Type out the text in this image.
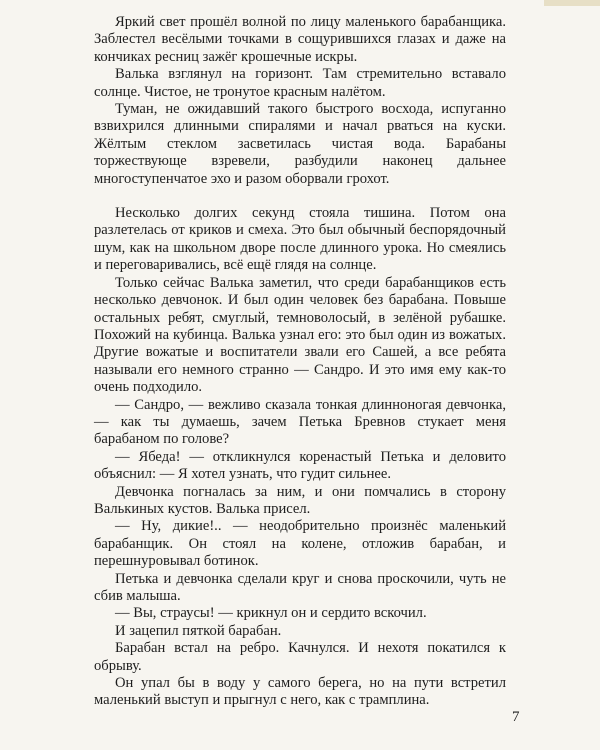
Яркий свет прошёл волной по лицу маленького барабанщика. Заблестел весёлыми точками в сощурившихся глазах и даже на кончиках ресниц зажёг крошечные искры.

Валька взглянул на горизонт. Там стремительно вставало солнце. Чистое, не тронутое красным налётом.

Туман, не ожидавший такого быстрого восхода, испуганно взвихрился длинными спиралями и начал рваться на куски. Жёлтым стеклом засветилась чистая вода. Барабаны торжествующе взревели, разбудили наконец дальнее многоступенчатое эхо и разом оборвали грохот.

Несколько долгих секунд стояла тишина. Потом она разлетелась от криков и смеха. Это был обычный беспорядочный шум, как на школьном дворе после длинного урока. Но смеялись и переговаривались, всё ещё глядя на солнце.

Только сейчас Валька заметил, что среди барабанщиков есть несколько девчонок. И был один человек без барабана. Повыше остальных ребят, смуглый, темноволосый, в зелёной рубашке. Похожий на кубинца. Валька узнал его: это был один из вожатых. Другие вожатые и воспитатели звали его Сашей, а все ребята называли его немного странно — Сандро. И это имя ему как-то очень подходило.

— Сандро, — вежливо сказала тонкая длинноногая девчонка, — как ты думаешь, зачем Петька Бревнов стукает меня барабаном по голове?

— Ябеда! — откликнулся коренастый Петька и деловито объяснил: — Я хотел узнать, что гудит сильнее.

Девчонка погналась за ним, и они помчались в сторону Валькиных кустов. Валька присел.

— Ну, дикие!.. — неодобрительно произнёс маленький барабанщик. Он стоял на колене, отложив барабан, и перешнуровывал ботинок.

Петька и девчонка сделали круг и снова проскочили, чуть не сбив малыша.

— Вы, страусы! — крикнул он и сердито вскочил.

И зацепил пяткой барабан.

Барабан встал на ребро. Качнулся. И нехотя покатился к обрыву.

Он упал бы в воду у самого берега, но на пути встретил маленький выступ и прыгнул с него, как с трамплина.

7
